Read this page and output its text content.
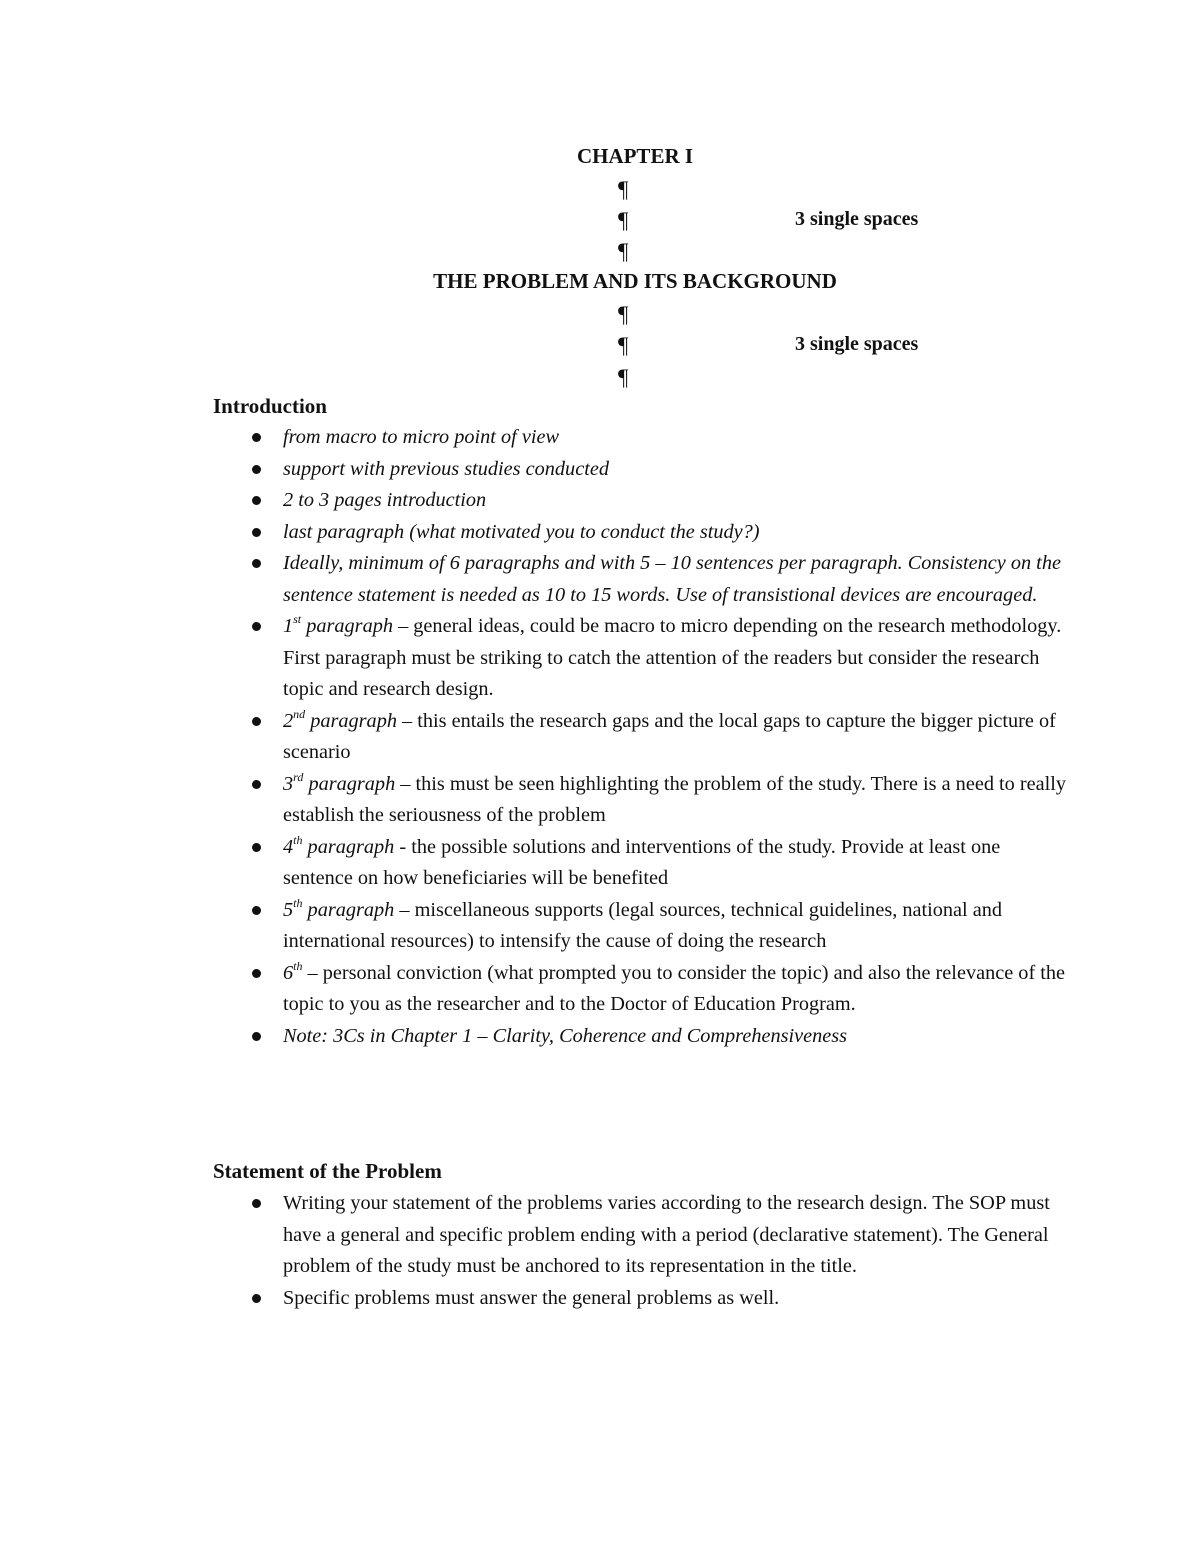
CHAPTER I
¶
¶	3 single spaces
¶
THE PROBLEM AND ITS BACKGROUND
¶
¶	3 single spaces
¶
Introduction
from macro to micro point of view
support with previous studies conducted
2 to 3 pages introduction
last paragraph (what motivated you to conduct the study?)
Ideally, minimum of 6 paragraphs and with 5 – 10 sentences per paragraph. Consistency on the sentence statement is needed as 10 to 15 words. Use of transistional devices are encouraged.
1st paragraph – general ideas, could be macro to micro depending on the research methodology. First paragraph must be striking to catch the attention of the readers but consider the research topic and research design.
2nd paragraph – this entails the research gaps and the local gaps to capture the bigger picture of scenario
3rd paragraph – this must be seen highlighting the problem of the study. There is a need to really establish the seriousness of the problem
4th paragraph - the possible solutions and interventions of the study. Provide at least one sentence on how beneficiaries will be benefited
5th paragraph – miscellaneous supports (legal sources, technical guidelines, national and international resources) to intensify the cause of doing the research
6th – personal conviction (what prompted you to consider the topic) and also the relevance of the topic to you as the researcher and to the Doctor of Education Program.
Note: 3Cs in Chapter 1 – Clarity, Coherence and Comprehensiveness
Statement of the Problem
Writing your statement of the problems varies according to the research design. The SOP must have a general and specific problem ending with a period (declarative statement). The General problem of the study must be anchored to its representation in the title.
Specific problems must answer the general problems as well.
